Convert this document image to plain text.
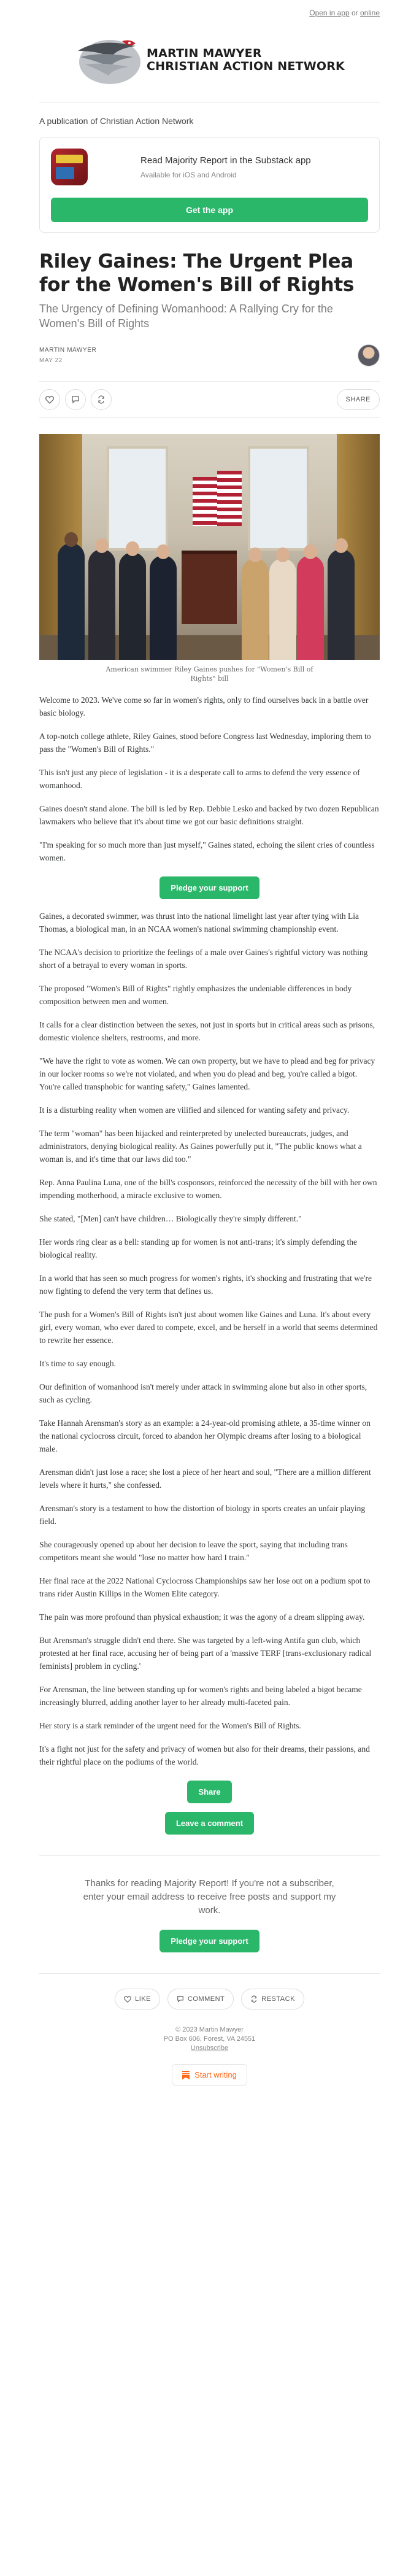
Open in app or online
MARTIN MAWYER
CHRISTIAN ACTION NETWORK
A publication of Christian Action Network
Read Majority Report in the Substack app
Available for iOS and Android
Get the app
Riley Gaines: The Urgent Plea for the Women's Bill of Rights
The Urgency of Defining Womanhood: A Rallying Cry for the Women's Bill of Rights
MARTIN MAWYER
MAY 22
SHARE
American swimmer Riley Gaines pushes for "Women's Bill of Rights" bill

Welcome to 2023. We've come so far in women's rights, only to find ourselves back in a battle over basic biology.

A top-notch college athlete, Riley Gaines, stood before Congress last Wednesday, imploring them to pass the "Women's Bill of Rights."

This isn't just any piece of legislation - it is a desperate call to arms to defend the very essence of womanhood.

Gaines doesn't stand alone. The bill is led by Rep. Debbie Lesko and backed by two dozen Republican lawmakers who believe that it's about time we got our basic definitions straight.

"I'm speaking for so much more than just myself," Gaines stated, echoing the silent cries of countless women.

Pledge your support

Gaines, a decorated swimmer, was thrust into the national limelight last year after tying with Lia Thomas, a biological man, in an NCAA women's national swimming championship event.

The NCAA's decision to prioritize the feelings of a male over Gaines's rightful victory was nothing short of a betrayal to every woman in sports.

The proposed "Women's Bill of Rights" rightly emphasizes the undeniable differences in body composition between men and women.

It calls for a clear distinction between the sexes, not just in sports but in critical areas such as prisons, domestic violence shelters, restrooms, and more.

"We have the right to vote as women. We can own property, but we have to plead and beg for privacy in our locker rooms so we're not violated, and when you do plead and beg, you're called a bigot. You're called transphobic for wanting safety," Gaines lamented.

It is a disturbing reality when women are vilified and silenced for wanting safety and privacy.

The term "woman" has been hijacked and reinterpreted by unelected bureaucrats, judges, and administrators, denying biological reality. As Gaines powerfully put it, "The public knows what a woman is, and it's time that our laws did too."

Rep. Anna Paulina Luna, one of the bill's cosponsors, reinforced the necessity of the bill with her own impending motherhood, a miracle exclusive to women.

She stated, "[Men] can't have children… Biologically they're simply different."

Her words ring clear as a bell: standing up for women is not anti-trans; it's simply defending the biological reality.

In a world that has seen so much progress for women's rights, it's shocking and frustrating that we're now fighting to defend the very term that defines us.

The push for a Women's Bill of Rights isn't just about women like Gaines and Luna. It's about every girl, every woman, who ever dared to compete, excel, and be herself in a world that seems determined to rewrite her essence.

It's time to say enough.

Our definition of womanhood isn't merely under attack in swimming alone but also in other sports, such as cycling.

Take Hannah Arensman's story as an example: a 24-year-old promising athlete, a 35-time winner on the national cyclocross circuit, forced to abandon her Olympic dreams after losing to a biological male.

Arensman didn't just lose a race; she lost a piece of her heart and soul, "There are a million different levels where it hurts," she confessed.

Arensman's story is a testament to how the distortion of biology in sports creates an unfair playing field.

She courageously opened up about her decision to leave the sport, saying that including trans competitors meant she would "lose no matter how hard I train."

Her final race at the 2022 National Cyclocross Championships saw her lose out on a podium spot to trans rider Austin Killips in the Women Elite category.

The pain was more profound than physical exhaustion; it was the agony of a dream slipping away.

But Arensman's struggle didn't end there. She was targeted by a left-wing Antifa gun club, which protested at her final race, accusing her of being part of a 'massive TERF [trans-exclusionary radical feminists] problem in cycling.'

For Arensman, the line between standing up for women's rights and being labeled a bigot became increasingly blurred, adding another layer to her already multi-faceted pain.

Her story is a stark reminder of the urgent need for the Women's Bill of Rights.

It's a fight not just for the safety and privacy of women but also for their dreams, their passions, and their rightful place on the podiums of the world.

Share
Leave a comment
Thanks for reading Majority Report! If you're not a subscriber, enter your email address to receive free posts and support my work.
Pledge your support
LIKE	COMMENT	RESTACK
© 2023 Martin Mawyer
PO Box 606, Forest, VA 24551
Unsubscribe
Start writing
